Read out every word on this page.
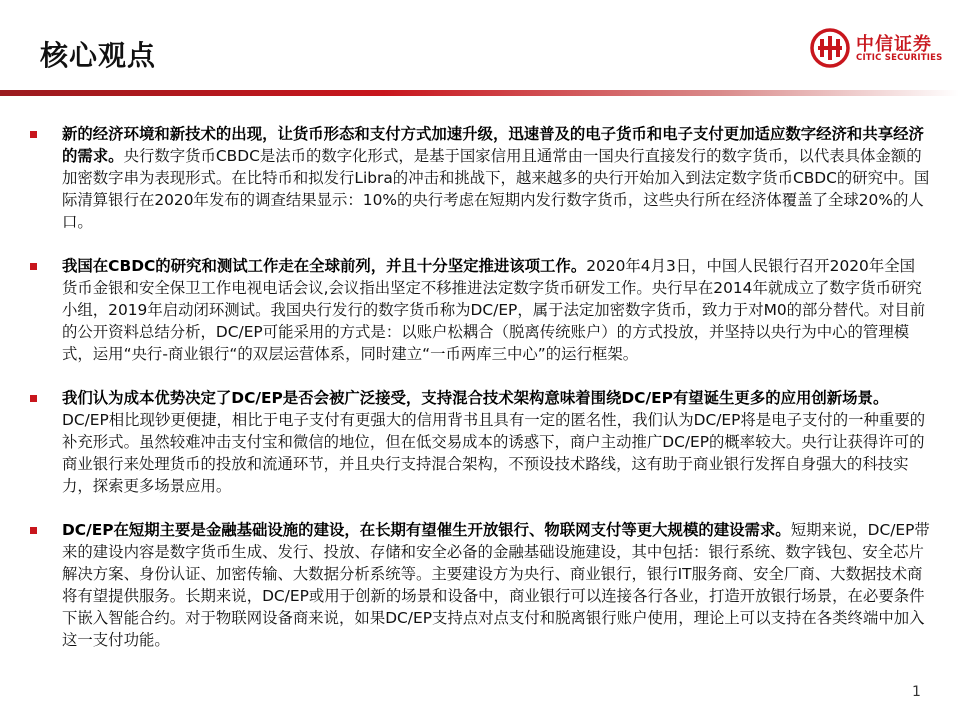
核心观点	中信证券
CITIC SECURITIES
新的经济环境和新技术的出现，让货币形态和支付方式加速升级，迅速普及的电子货币和电子支付更加适应数字经济和共享经济的需求。央行数字货币CBDC是法币的数字化形式，是基于国家信用且通常由一国央行直接发行的数字货币，以代表具体金额的加密数字串为表现形式。在比特币和拟发行Libra的冲击和挑战下，越来越多的央行开始加入到法定数字货币CBDC的研究中。国际清算银行在2020年发布的调查结果显示：10%的央行考虑在短期内发行数字货币，这些央行所在经济体覆盖了全球20%的人口。
我国在CBDC的研究和测试工作走在全球前列，并且十分坚定推进该项工作。2020年4月3日，中国人民银行召开2020年全国货币金银和安全保卫工作电视电话会议,会议指出坚定不移推进法定数字货币研发工作。央行早在2014年就成立了数字货币研究小组，2019年启动闭环测试。我国央行发行的数字货币称为DC/EP，属于法定加密数字货币，致力于对M0的部分替代。对目前的公开资料总结分析，DC/EP可能采用的方式是：以账户松耦合（脱离传统账户）的方式投放，并坚持以央行为中心的管理模式，运用“央行-商业银行“的双层运营体系，同时建立“一币两库三中心”的运行框架。
我们认为成本优势决定了DC/EP是否会被广泛接受，支持混合技术架构意味着围绕DC/EP有望诞生更多的应用创新场景。DC/EP相比现钞更便捷，相比于电子支付有更强大的信用背书且具有一定的匿名性，我们认为DC/EP将是电子支付的一种重要的补充形式。虽然较难冲击支付宝和微信的地位，但在低交易成本的诱惑下，商户主动推广DC/EP的概率较大。央行让获得许可的商业银行来处理货币的投放和流通环节，并且央行支持混合架构，不预设技术路线，这有助于商业银行发挥自身强大的科技实力，探索更多场景应用。
DC/EP在短期主要是金融基础设施的建设，在长期有望催生开放银行、物联网支付等更大规模的建设需求。短期来说，DC/EP带来的建设内容是数字货币生成、发行、投放、存储和安全必备的金融基础设施建设，其中包括：银行系统、数字钱包、安全芯片解决方案、身份认证、加密传输、大数据分析系统等。主要建设方为央行、商业银行，银行IT服务商、安全厂商、大数据技术商将有望提供服务。长期来说，DC/EP或用于创新的场景和设备中，商业银行可以连接各行各业，打造开放银行场景，在必要条件下嵌入智能合约。对于物联网设备商来说，如果DC/EP支持点对点支付和脱离银行账户使用，理论上可以支持在各类终端中加入这一支付功能。
1
